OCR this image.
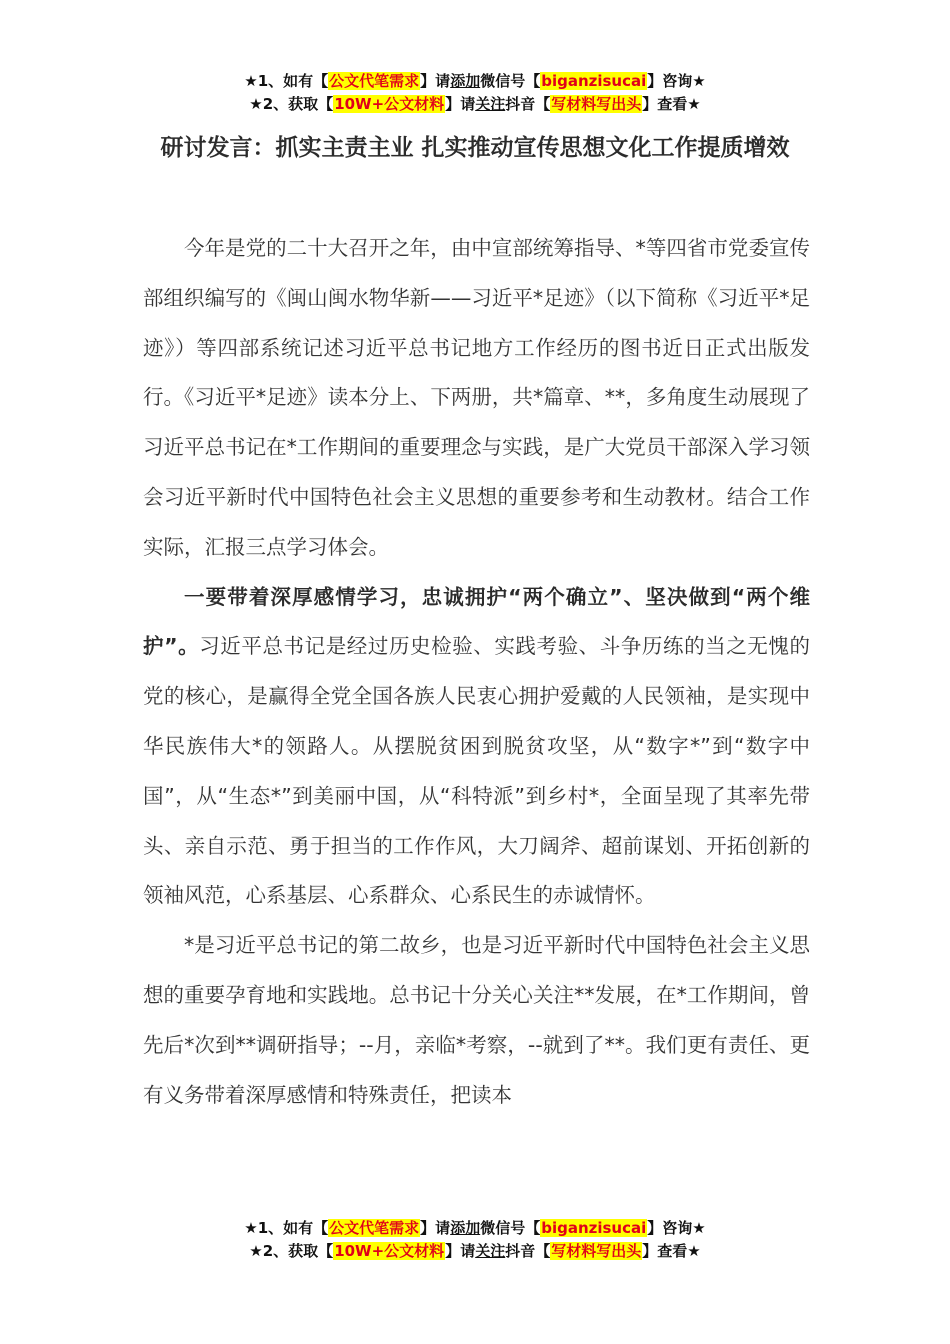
★1、如有【公文代笔需求】请添加微信号【biganzisucai】咨询★
★2、获取【10W+公文材料】请关注抖音【写材料写出头】查看★
研讨发言：抓实主责主业 扎实推动宣传思想文化工作提质增效

今年是党的二十大召开之年，由中宣部统筹指导、*等四省市党委宣传部组织编写的《闽山闽水物华新——习近平*足迹》（以下简称《习近平*足迹》）等四部系统记述习近平总书记地方工作经历的图书近日正式出版发行。《习近平*足迹》读本分上、下两册，共*篇章、**，多角度生动展现了习近平总书记在*工作期间的重要理念与实践，是广大党员干部深入学习领会习近平新时代中国特色社会主义思想的重要参考和生动教材。结合工作实际，汇报三点学习体会。

一要带着深厚感情学习，忠诚拥护“两个确立”、坚决做到“两个维护”。习近平总书记是经过历史检验、实践考验、斗争历练的当之无愧的党的核心，是赢得全党全国各族人民衷心拥护爱戴的人民领袖，是实现中华民族伟大*的领路人。从摆脱贫困到脱贫攻坚，从“数字*”到“数字中国”，从“生态*”到美丽中国，从“科特派”到乡村*，全面呈现了其率先带头、亲自示范、勇于担当的工作作风，大刀阔斧、超前谋划、开拓创新的领袖风范，心系基层、心系群众、心系民生的赤诚情怀。

*是习近平总书记的第二故乡，也是习近平新时代中国特色社会主义思想的重要孕育地和实践地。总书记十分关心关注**发展，在*工作期间，曾先后*次到**调研指导；--月，亲临*考察，--就到了**。我们更有责任、更有义务带着深厚感情和特殊责任，把读本

★1、如有【公文代笔需求】请添加微信号【biganzisucai】咨询★
★2、获取【10W+公文材料】请关注抖音【写材料写出头】查看★
